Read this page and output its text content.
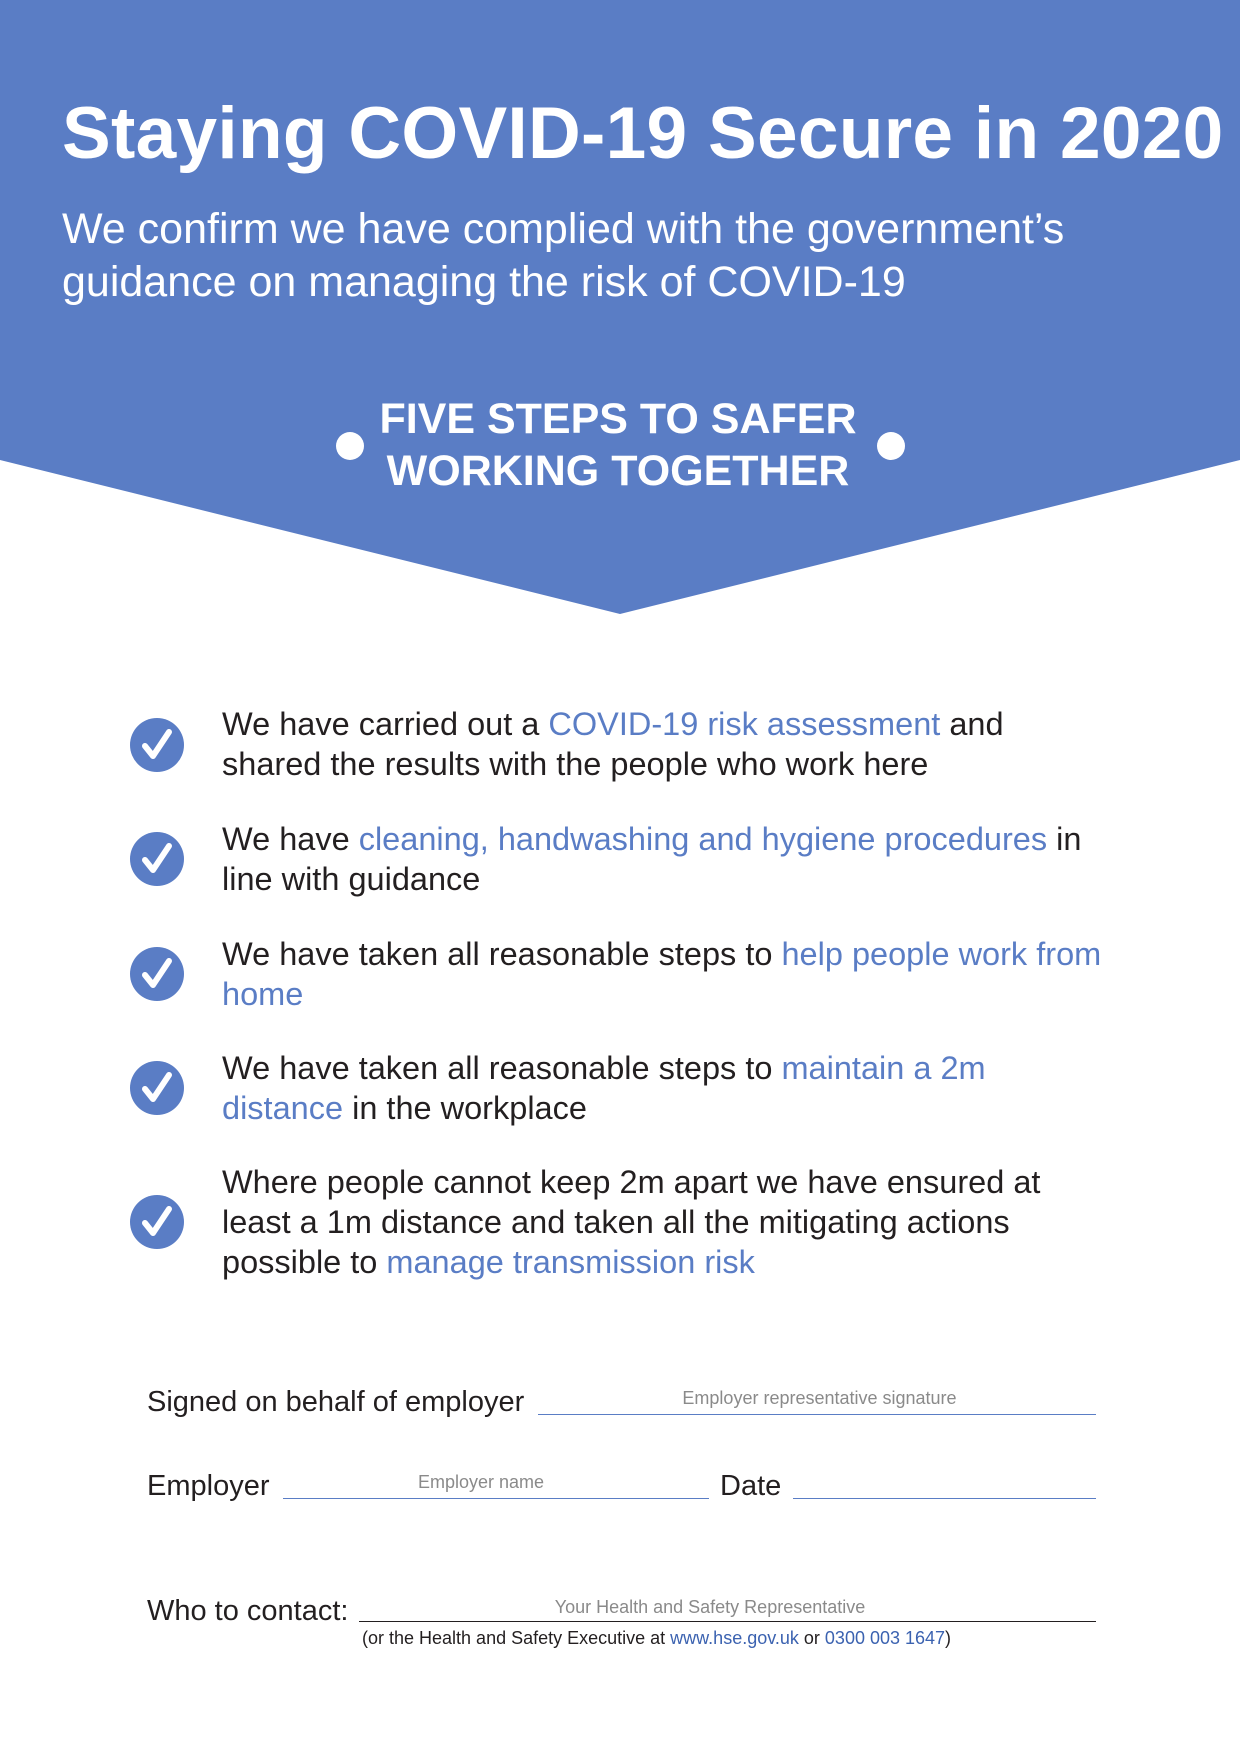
Staying COVID-19 Secure in 2020

We confirm we have complied with the government’s guidance on managing the risk of COVID-19

FIVE STEPS TO SAFER
WORKING TOGETHER

We have carried out a COVID-19 risk assessment and shared the results with the people who work here

We have cleaning, handwashing and hygiene procedures in line with guidance

We have taken all reasonable steps to help people work from home

We have taken all reasonable steps to maintain a 2m distance in the workplace

Where people cannot keep 2m apart we have ensured at least a 1m distance and taken all the mitigating actions possible to manage transmission risk

Signed on behalf of employer	Employer representative signature
Employer	Employer name	Date
Who to contact:	Your Health and Safety Representative
(or the Health and Safety Executive at www.hse.gov.uk or 0300 003 1647)
